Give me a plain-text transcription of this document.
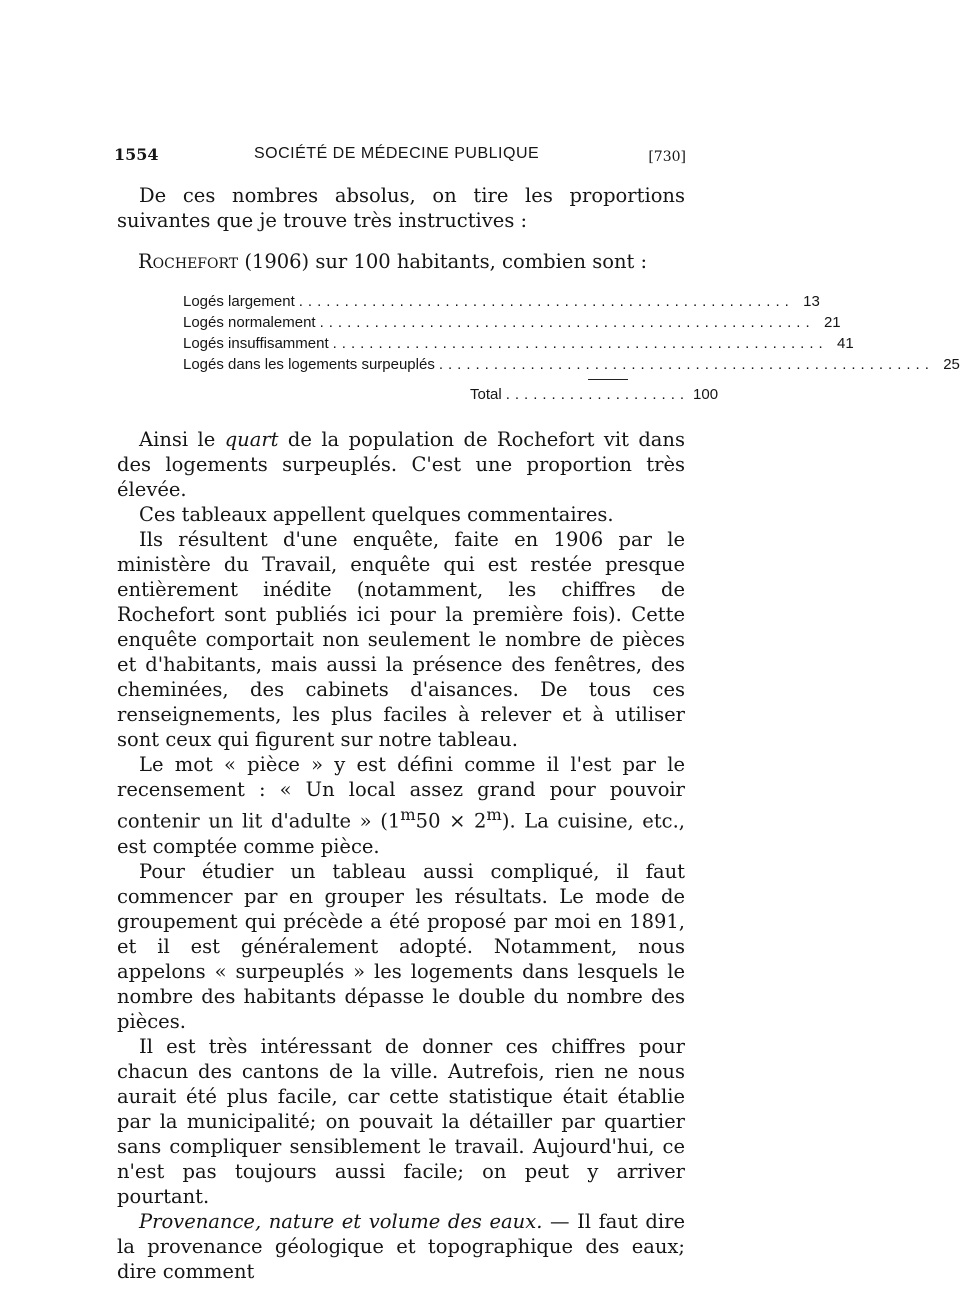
1554	SOCIÉTÉ DE MÉDECINE PUBLIQUE	[730]

De ces nombres absolus, on tire les proportions suivantes que je trouve très instructives :

Rochefort (1906) sur 100 habitants, combien sont :
Logés largement ...................................................... 13
Logés normalement ...................................................... 21
Logés insuffisamment ...................................................... 41
Logés dans les logements surpeuplés ...................................................... 25
Total .................... 100

Ainsi le quart de la population de Rochefort vit dans des logements surpeuplés. C'est une proportion très élevée.

Ces tableaux appellent quelques commentaires.

Ils résultent d'une enquête, faite en 1906 par le ministère du Travail, enquête qui est restée presque entièrement inédite (notamment, les chiffres de Rochefort sont publiés ici pour la première fois). Cette enquête comportait non seulement le nombre de pièces et d'habitants, mais aussi la présence des fenêtres, des cheminées, des cabinets d'aisances. De tous ces renseignements, les plus faciles à relever et à utiliser sont ceux qui figurent sur notre tableau.

Le mot « pièce » y est défini comme il l'est par le recensement : « Un local assez grand pour pouvoir contenir un lit d'adulte » $(1^m50 \times 2^m)$. La cuisine, etc., est comptée comme pièce.

Pour étudier un tableau aussi compliqué, il faut commencer par en grouper les résultats. Le mode de groupement qui précède a été proposé par moi en 1891, et il est généralement adopté. Notamment, nous appelons « surpeuplés » les logements dans lesquels le nombre des habitants dépasse le double du nombre des pièces.

Il est très intéressant de donner ces chiffres pour chacun des cantons de la ville. Autrefois, rien ne nous aurait été plus facile, car cette statistique était établie par la municipalité; on pouvait la détailler par quartier sans compliquer sensiblement le travail. Aujourd'hui, ce n'est pas toujours aussi facile; on peut y arriver pourtant.

Provenance, nature et volume des eaux. — Il faut dire la provenance géologique et topographique des eaux; dire comment
